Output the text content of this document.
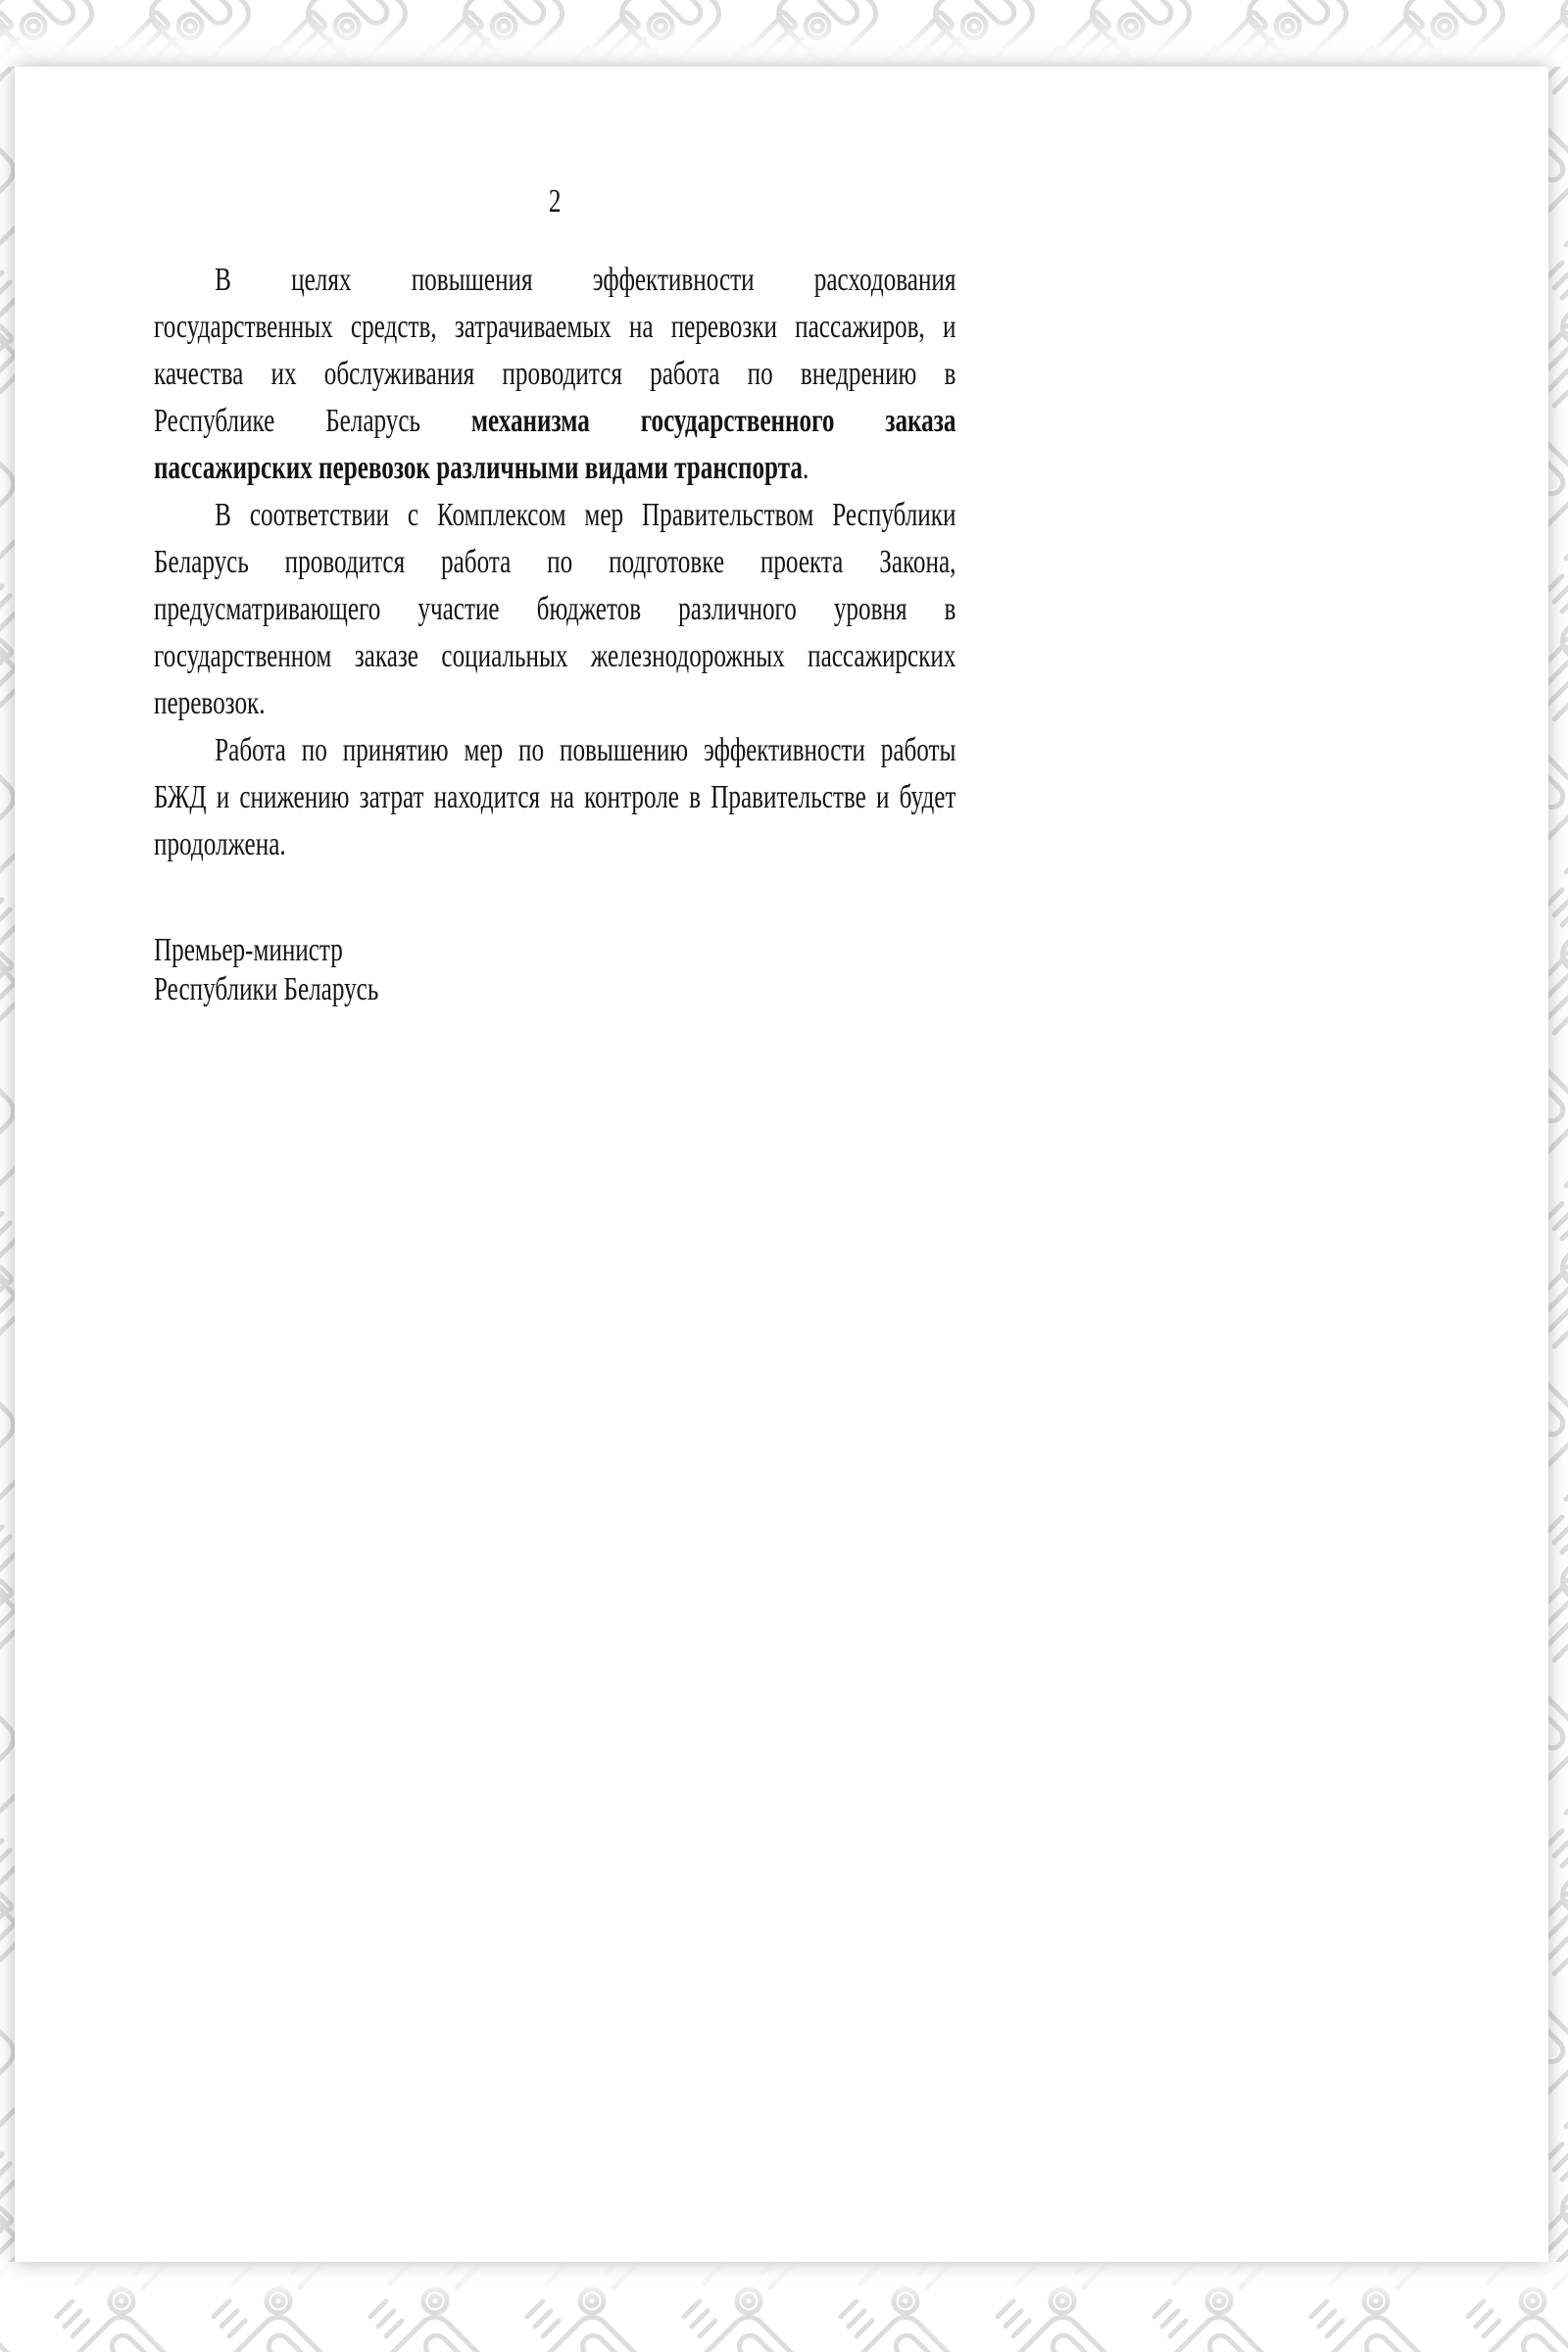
2
В целях повышения эффективности расходования
государственных средств, затрачиваемых на перевозки пассажиров, и
качества их обслуживания проводится работа по внедрению в
Республике Беларусь механизма государственного заказа
пассажирских перевозок различными видами транспорта.
В соответствии с Комплексом мер Правительством Республики
Беларусь проводится работа по подготовке проекта Закона,
предусматривающего участие бюджетов различного уровня в
государственном заказе социальных железнодорожных пассажирских
перевозок.
Работа по принятию мер по повышению эффективности работы
БЖД и снижению затрат находится на контроле в Правительстве и будет
продолжена.
Премьер-министр
Республики Беларусь
